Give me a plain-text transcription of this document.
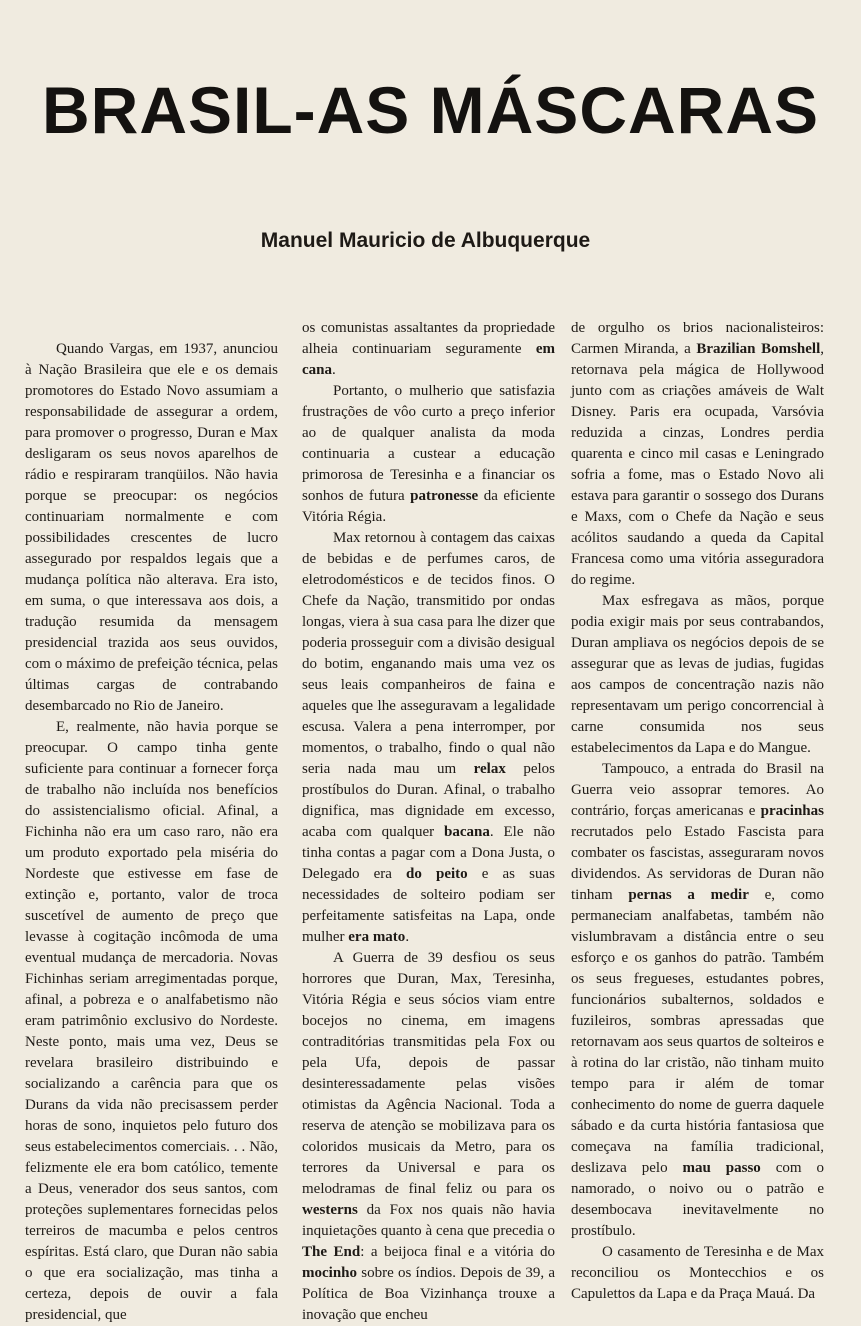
BRASIL-AS MÁSCARAS
Manuel Mauricio de Albuquerque

Quando Vargas, em 1937, anunciou à Nação Brasileira que ele e os demais promotores do Estado Novo assumiam a responsabilidade de assegurar a ordem, para promover o progresso, Duran e Max desligaram os seus novos aparelhos de rádio e respiraram tranqüilos. Não havia porque se preocupar: os negócios continuariam normalmente e com possibilidades crescentes de lucro assegurado por respaldos legais que a mudança política não alterava. Era isto, em suma, o que interessava aos dois, a tradução resumida da mensagem presidencial trazida aos seus ouvidos, com o máximo de prefeição técnica, pelas últimas cargas de contrabando desembarcado no Rio de Janeiro.

E, realmente, não havia porque se preocupar. O campo tinha gente suficiente para continuar a fornecer força de trabalho não incluída nos benefícios do assistencialismo oficial. Afinal, a Fichinha não era um caso raro, não era um produto exportado pela miséria do Nordeste que estivesse em fase de extinção e, portanto, valor de troca suscetível de aumento de preço que levasse à cogitação incômoda de uma eventual mudança de mercadoria. Novas Fichinhas seriam arregimentadas porque, afinal, a pobreza e o analfabetismo não eram patrimônio exclusivo do Nordeste. Neste ponto, mais uma vez, Deus se revelara brasileiro distribuindo e socializando a carência para que os Durans da vida não precisassem perder horas de sono, inquietos pelo futuro dos seus estabelecimentos comerciais. . . Não, felizmente ele era bom católico, temente a Deus, venerador dos seus santos, com proteções suplementares fornecidas pelos terreiros de macumba e pelos centros espíritas. Está claro, que Duran não sabia o que era socialização, mas tinha a certeza, depois de ouvir a fala presidencial, que

os comunistas assaltantes da propriedade alheia continuariam seguramente em cana.

Portanto, o mulherio que satisfazia frustrações de vôo curto a preço inferior ao de qualquer analista da moda continuaria a custear a educação primorosa de Teresinha e a financiar os sonhos de futura patronesse da eficiente Vitória Régia.

Max retornou à contagem das caixas de bebidas e de perfumes caros, de eletrodomésticos e de tecidos finos. O Chefe da Nação, transmitido por ondas longas, viera à sua casa para lhe dizer que poderia prosseguir com a divisão desigual do botim, enganando mais uma vez os seus leais companheiros de faina e aqueles que lhe asseguravam a legalidade escusa. Valera a pena interromper, por momentos, o trabalho, findo o qual não seria nada mau um relax pelos prostíbulos do Duran. Afinal, o trabalho dignifica, mas dignidade em excesso, acaba com qualquer bacana. Ele não tinha contas a pagar com a Dona Justa, o Delegado era do peito e as suas necessidades de solteiro podiam ser perfeitamente satisfeitas na Lapa, onde mulher era mato.

A Guerra de 39 desfiou os seus horrores que Duran, Max, Teresinha, Vitória Régia e seus sócios viam entre bocejos no cinema, em imagens contraditórias transmitidas pela Fox ou pela Ufa, depois de passar desinteressadamente pelas visões otimistas da Agência Nacional. Toda a reserva de atenção se mobilizava para os coloridos musicais da Metro, para os terrores da Universal e para os melodramas de final feliz ou para os westerns da Fox nos quais não havia inquietações quanto à cena que precedia o The End: a beijoca final e a vitória do mocinho sobre os índios. Depois de 39, a Política de Boa Vizinhança trouxe a inovação que encheu

de orgulho os brios nacionalisteiros: Carmen Miranda, a Brazilian Bomshell, retornava pela mágica de Hollywood junto com as criações amáveis de Walt Disney. Paris era ocupada, Varsóvia reduzida a cinzas, Londres perdia quarenta e cinco mil casas e Leningrado sofria a fome, mas o Estado Novo ali estava para garantir o sossego dos Durans e Maxs, com o Chefe da Nação e seus acólitos saudando a queda da Capital Francesa como uma vitória asseguradora do regime.

Max esfregava as mãos, porque podia exigir mais por seus contrabandos, Duran ampliava os negócios depois de se assegurar que as levas de judias, fugidas aos campos de concentração nazis não representavam um perigo concorrencial à carne consumida nos seus estabelecimentos da Lapa e do Mangue.

Tampouco, a entrada do Brasil na Guerra veio assoprar temores. Ao contrário, forças americanas e pracinhas recrutados pelo Estado Fascista para combater os fascistas, asseguraram novos dividendos. As servidoras de Duran não tinham pernas a medir e, como permaneciam analfabetas, também não vislumbravam a distância entre o seu esforço e os ganhos do patrão. Também os seus fregueses, estudantes pobres, funcionários subalternos, soldados e fuzileiros, sombras apressadas que retornavam aos seus quartos de solteiros e à rotina do lar cristão, não tinham muito tempo para ir além de tomar conhecimento do nome de guerra daquele sábado e da curta história fantasiosa que começava na família tradicional, deslizava pelo mau passo com o namorado, o noivo ou o patrão e desembocava inevitavelmente no prostíbulo.

O casamento de Teresinha e de Max reconciliou os Montecchios e os Capulettos da Lapa e da Praça Mauá. Da
